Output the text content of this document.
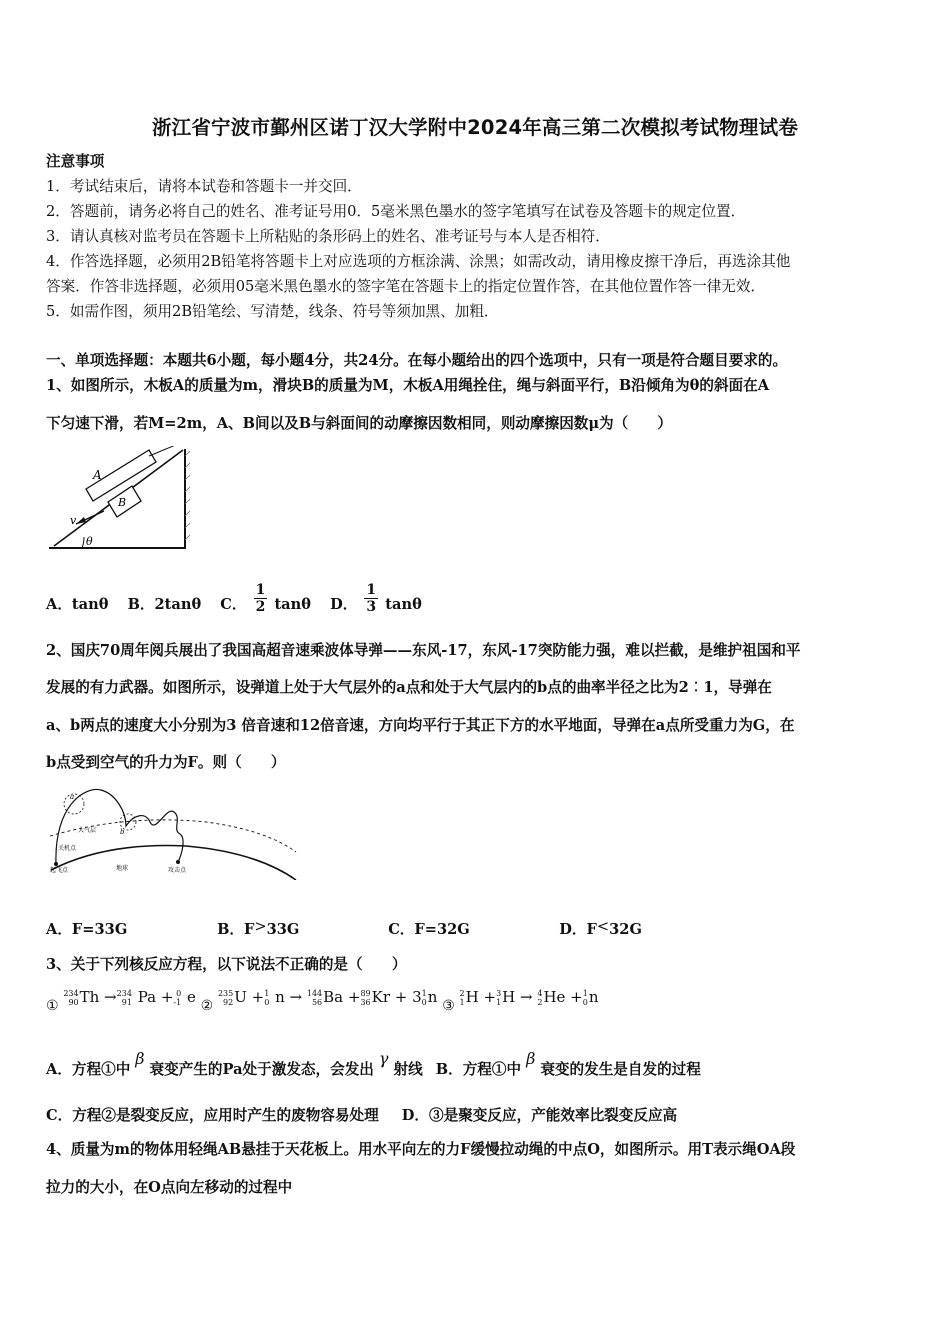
浙江省宁波市鄞州区诺丁汉大学附中2024年高三第二次模拟考试物理试卷
注意事项
1．考试结束后，请将本试卷和答题卡一并交回．
2．答题前，请务必将自己的姓名、准考证号用0．5毫米黑色墨水的签字笔填写在试卷及答题卡的规定位置．
3．请认真核对监考员在答题卡上所粘贴的条形码上的姓名、准考证号与本人是否相符．
4．作答选择题，必须用2B铅笔将答题卡上对应选项的方框涂满、涂黑；如需改动，请用橡皮擦干净后，再选涂其他
答案．作答非选择题，必须用05毫米黑色墨水的签字笔在答题卡上的指定位置作答，在其他位置作答一律无效．
5．如需作图，须用2B铅笔绘、写清楚，线条、符号等须加黑、加粗．
一、单项选择题：本题共6小题，每小题4分，共24分。在每小题给出的四个选项中，只有一项是符合题目要求的。
1、如图所示，木板A的质量为m，滑块B的质量为M，木板A用绳拴住，绳与斜面平行，B沿倾角为θ的斜面在A
下匀速下滑，若M=2m，A、B间以及B与斜面间的动摩擦因数相同，则动摩擦因数μ为（　　）
A
B
v
θ
A．tanθ B．2tanθ C． $\frac{1}{2}$ tanθ D． $\frac{1}{3}$ tanθ
2、国庆70周年阅兵展出了我国高超音速乘波体导弹——东风-17，东风-17突防能力强，难以拦截，是维护祖国和平
发展的有力武器。如图所示，设弹道上处于大气层外的a点和处于大气层内的b点的曲率半径之比为2︰1，导弹在
a、b两点的速度大小分别为3 倍音速和12倍音速，方向均平行于其正下方的水平地面，导弹在a点所受重力为G，在
b点受到空气的升力为F。则（　　）
a
b
大气层
关机点
起飞点	地球	攻击点
A．F=33G	B．F>33G	C．F=32G	D．F<32G
3、关于下列核反应方程，以下说法不正确的是（　　）
①
234
90 Th → 234
91 Pa + 0
-1 e ②
235
92 U + 1
0 n → 144
56 Ba + 89
36 Kr + 3 1
0 n ③
2
1 H + 3
1 H → 4
2 He + 1
0 n
A．方程①中β衰变产生的Pa处于激发态，会发出γ射线 B．方程①中β衰变的发生是自发的过程
C．方程②是裂变反应，应用时产生的废物容易处理 D．③是聚变反应，产能效率比裂变反应高
4、质量为m的物体用轻绳AB悬挂于天花板上。用水平向左的力F缓慢拉动绳的中点O，如图所示。用T表示绳OA段
拉力的大小，在O点向左移动的过程中
